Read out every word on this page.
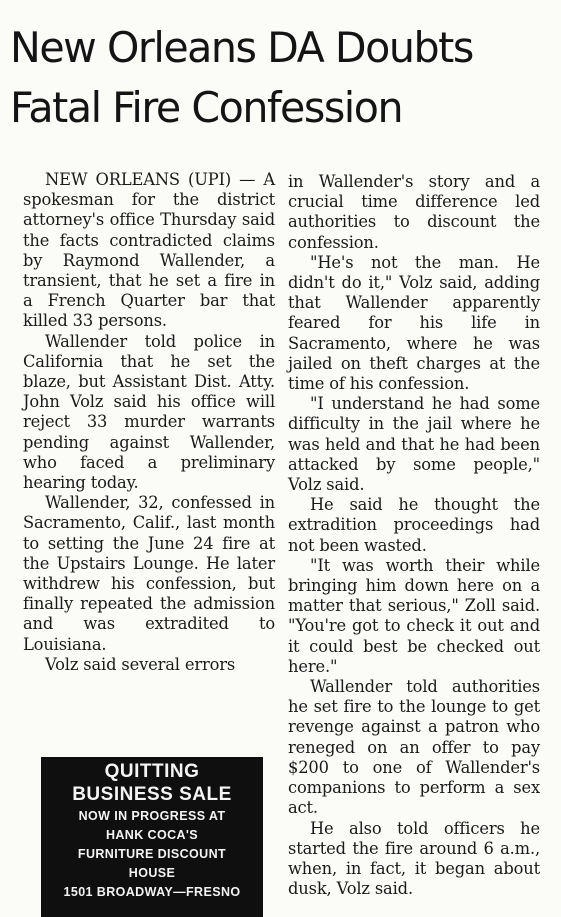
New Orleans DA Doubts
Fatal Fire Confession

NEW ORLEANS (UPI) — A spokesman for the district attorney's office Thursday said the facts contradicted claims by Raymond Wallender, a transient, that he set a fire in a French Quarter bar that killed 33 persons.

Wallender told police in California that he set the blaze, but Assistant Dist. Atty. John Volz said his office will reject 33 murder warrants pending against Wallender, who faced a preliminary hearing today.

Wallender, 32, confessed in Sacramento, Calif., last month to setting the June 24 fire at the Upstairs Lounge. He later withdrew his confession, but finally repeated the admission and was extradited to Louisiana.

Volz said several errors

in Wallender's story and a crucial time difference led authorities to discount the confession.

"He's not the man. He didn't do it," Volz said, adding that Wallender apparently feared for his life in Sacramento, where he was jailed on theft charges at the time of his confession.

"I understand he had some difficulty in the jail where he was held and that he had been attacked by some people," Volz said.

He said he thought the extradition proceedings had not been wasted.

"It was worth their while bringing him down here on a matter that serious," Zoll said. "You're got to check it out and it could best be checked out here."

Wallender told authorities he set fire to the lounge to get revenge against a patron who reneged on an offer to pay $200 to one of Wallender's companions to perform a sex act.

He also told officers he started the fire around 6 a.m., when, in fact, it began about dusk, Volz said.

QUITTING
BUSINESS SALE
NOW IN PROGRESS AT
HANK COCA'S
FURNITURE DISCOUNT
HOUSE
1501 BROADWAY—FRESNO
